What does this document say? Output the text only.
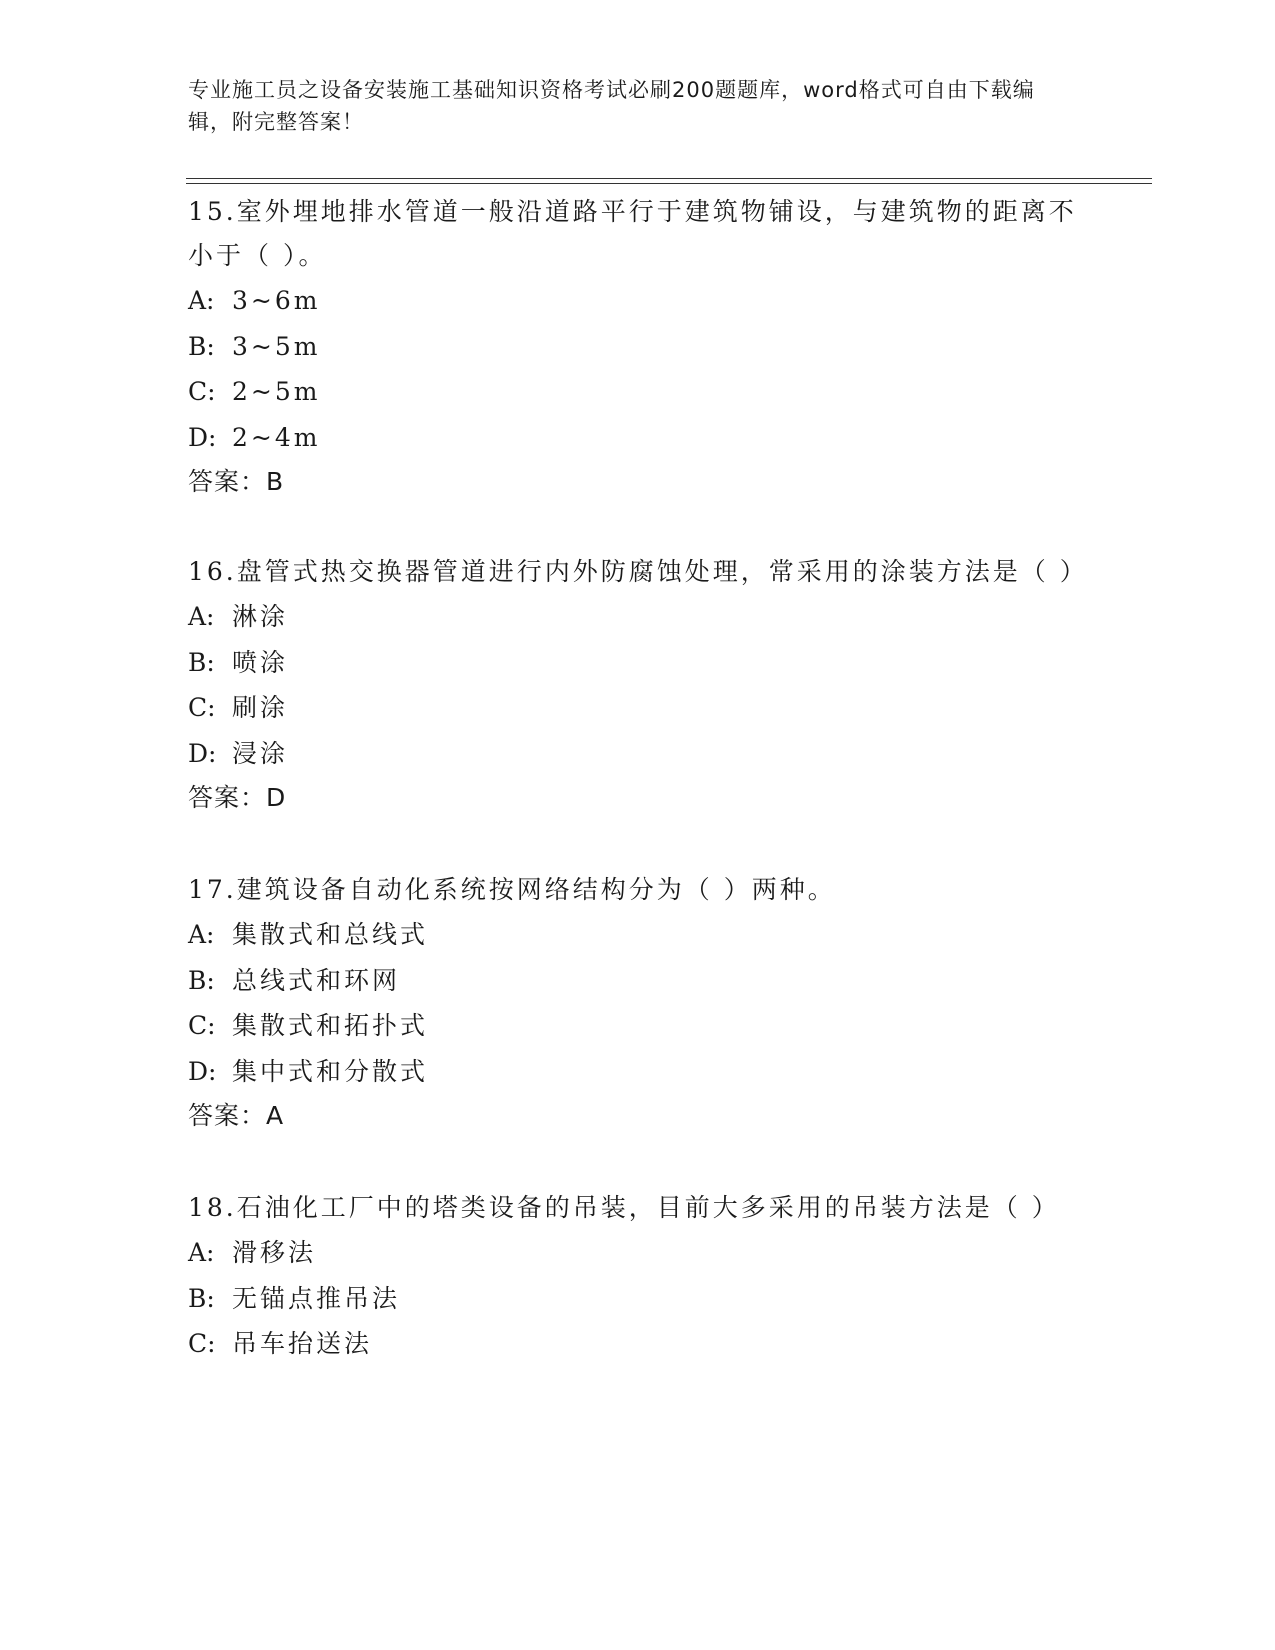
专业施工员之设备安装施工基础知识资格考试必刷200题题库，word格式可自由下载编辑，附完整答案！
15.室外埋地排水管道一般沿道路平行于建筑物铺设，与建筑物的距离不小于（ ）。
A: 3~6m
B: 3~5m
C: 2~5m
D: 2~4m
答案：B
16.盘管式热交换器管道进行内外防腐蚀处理，常采用的涂装方法是（ ）
A: 淋涂
B: 喷涂
C: 刷涂
D: 浸涂
答案：D
17.建筑设备自动化系统按网络结构分为（ ）两种。
A: 集散式和总线式
B: 总线式和环网
C: 集散式和拓扑式
D: 集中式和分散式
答案：A
18.石油化工厂中的塔类设备的吊装，目前大多采用的吊装方法是（ ）
A: 滑移法
B: 无锚点推吊法
C: 吊车抬送法
